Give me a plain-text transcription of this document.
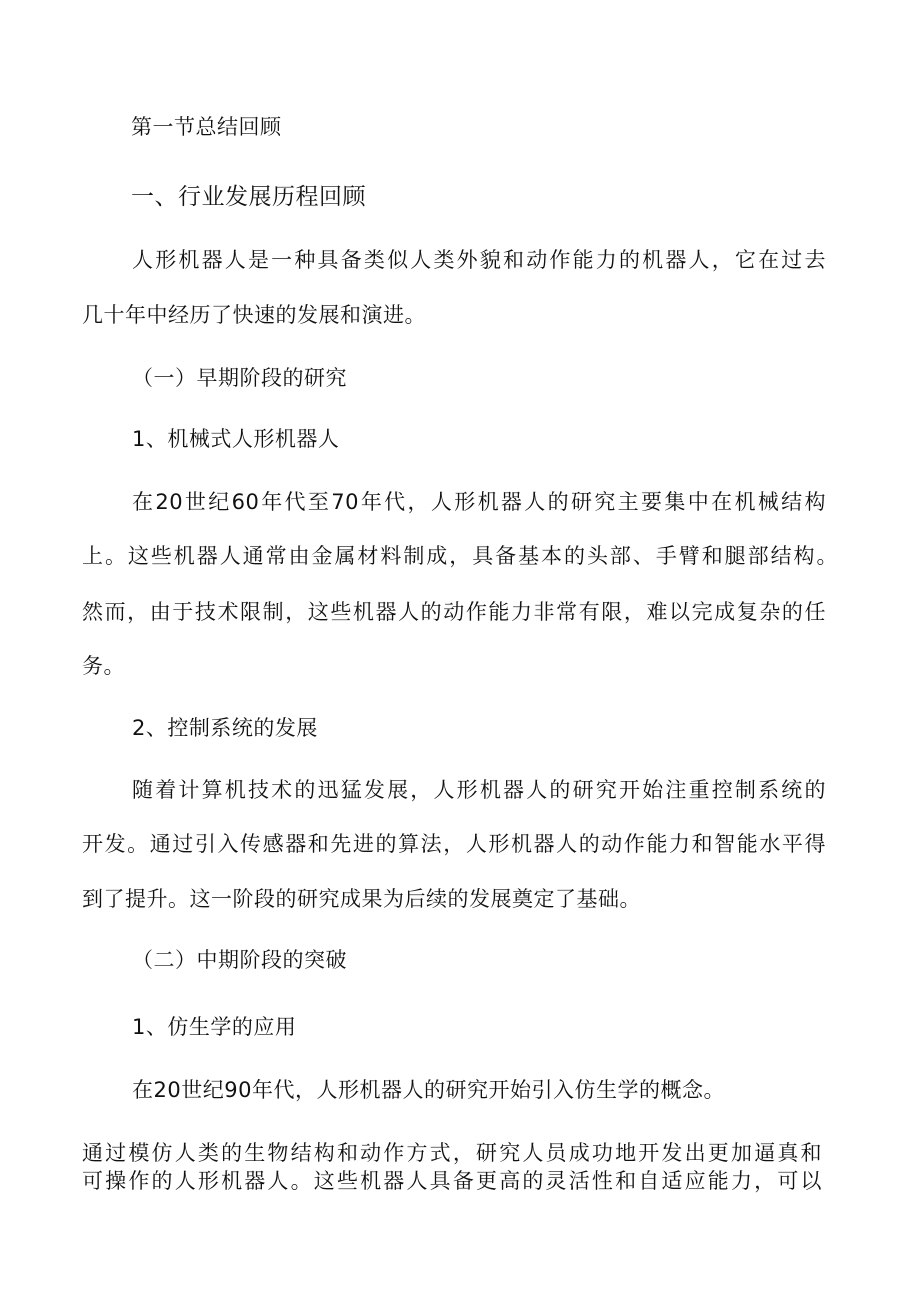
第一节总结回顾
一、行业发展历程回顾
人形机器人是一种具备类似人类外貌和动作能力的机器人，它在过去
几十年中经历了快速的发展和演进。
（一）早期阶段的研究
1、机械式人形机器人
在20世纪60年代至70年代，人形机器人的研究主要集中在机械结构
上。这些机器人通常由金属材料制成，具备基本的头部、手臂和腿部结构。
然而，由于技术限制，这些机器人的动作能力非常有限，难以完成复杂的任
务。
2、控制系统的发展
随着计算机技术的迅猛发展，人形机器人的研究开始注重控制系统的
开发。通过引入传感器和先进的算法，人形机器人的动作能力和智能水平得
到了提升。这一阶段的研究成果为后续的发展奠定了基础。
（二）中期阶段的突破
1、仿生学的应用
在20世纪90年代，人形机器人的研究开始引入仿生学的概念。
通过模仿人类的生物结构和动作方式，研究人员成功地开发出更加逼真和
可操作的人形机器人。这些机器人具备更高的灵活性和自适应能力，可以
